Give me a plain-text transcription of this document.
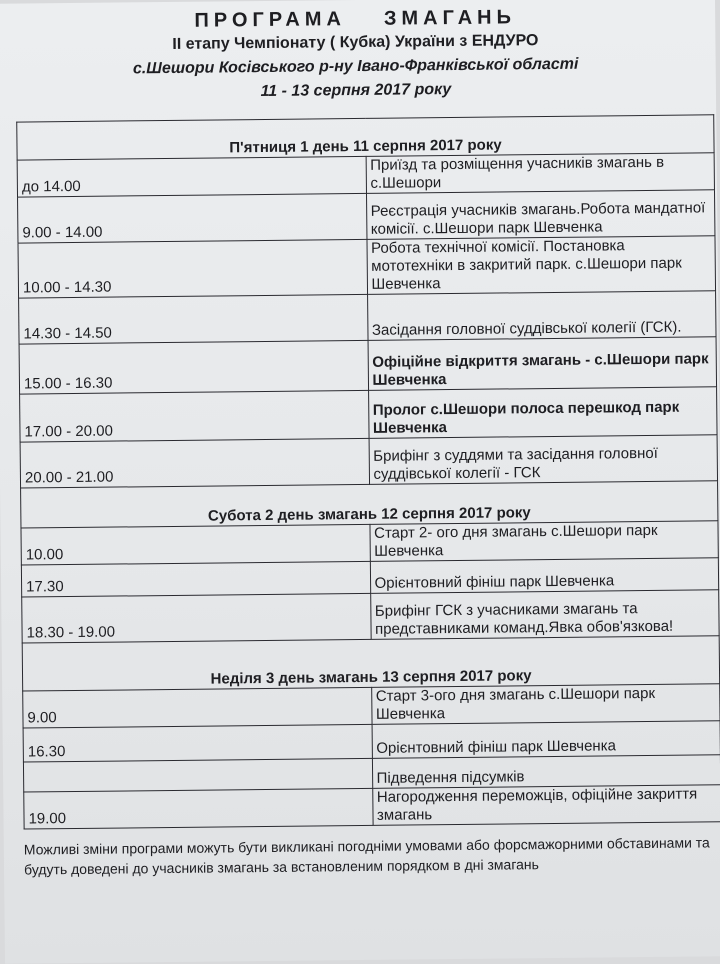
ПРОГРАМА ЗМАГАНЬ

ІІ етапу Чемпіонату ( Кубка) України з ЕНДУРО

с.Шешори Косівського р-ну Івано-Франківської області

11 - 13 серпня 2017 року

П'ятниця 1 день 11 серпня 2017 року	
до 14.00	Приїзд та розміщення учасників змагань в с.Шешори
9.00 - 14.00	Реєстрація учасників змагань.Робота мандатної комісії. с.Шешори парк Шевченка
10.00 - 14.30	Робота технічної комісії. Постановка мототехніки в закритий парк. с.Шешори парк Шевченка
14.30 - 14.50	Засідання головної суддівської колегії (ГСК).
15.00 - 16.30	Офіційне відкриття змагань - с.Шешори парк Шевченка
17.00 - 20.00	Пролог с.Шешори полоса перешкод парк Шевченка
20.00 - 21.00	Брифінг з суддями та засідання головної суддівської колегії - ГСК
Субота 2 день змагань 12 серпня 2017 року	
10.00	Старт 2- ого дня змагань с.Шешори парк Шевченка
17.30	Орієнтовний фініш парк Шевченка
18.30 - 19.00	Брифінг ГСК з учасниками змагань та представниками команд.Явка обов'язкова!
Неділя 3 день змагань 13 серпня 2017 року	
9.00	Старт 3-ого дня змагань с.Шешори парк Шевченка
16.30	Орієнтовний фініш парк Шевченка
	Підведення підсумків
19.00	Нагородження переможців, офіційне закриття змагань

Можливі зміни програми можуть бути викликані погодніми умовами або форсмажорними обставинами та будуть доведені до учасників змагань за встановленим порядком в дні змагань
